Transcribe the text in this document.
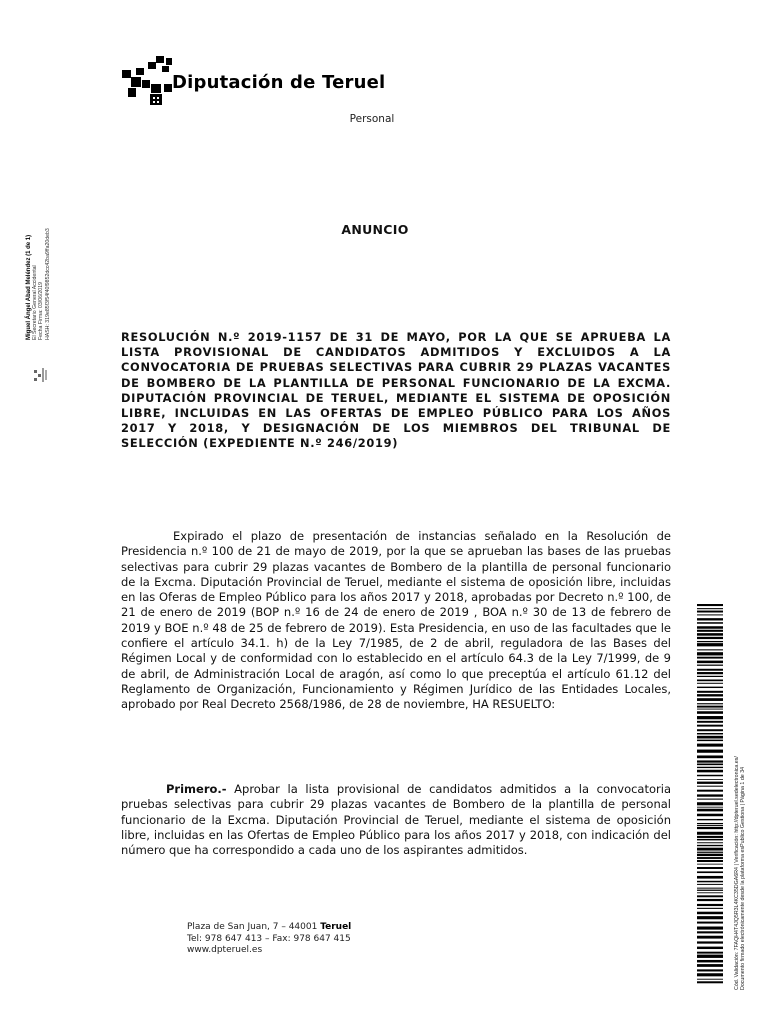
Diputación de Teruel
Personal
Miguel Ángel Abad Meléndez (1 de 1)
El Secretario General Accidental
Fecha Firma: 03/06/2019
HASH: 319e85f3f54f40f9852dcc42ba9ffa20deb3	ANUNCIO
RESOLUCIÓN N.º 2019-1157 DE 31 DE MAYO, POR LA QUE SE APRUEBA LA LISTA PROVISIONAL DE CANDIDATOS ADMITIDOS Y EXCLUIDOS A LA CONVOCATORIA DE PRUEBAS SELECTIVAS PARA CUBRIR 29 PLAZAS VACANTES DE BOMBERO DE LA PLANTILLA DE PERSONAL FUNCIONARIO DE LA EXCMA. DIPUTACIÓN PROVINCIAL DE TERUEL, MEDIANTE EL SISTEMA DE OPOSICIÓN LIBRE, INCLUIDAS EN LAS OFERTAS DE EMPLEO PÚBLICO PARA LOS AÑOS 2017 Y 2018, Y DESIGNACIÓN DE LOS MIEMBROS DEL TRIBUNAL DE SELECCIÓN (EXPEDIENTE N.º 246/2019)
Expirado el plazo de presentación de instancias señalado en la Resolución de Presidencia n.º 100 de 21 de mayo de 2019, por la que se aprueban las bases de las pruebas selectivas para cubrir 29 plazas vacantes de Bombero de la plantilla de personal funcionario de la Excma. Diputación Provincial de Teruel, mediante el sistema de oposición libre, incluidas en las Oferas de Empleo Público para los años 2017 y 2018, aprobadas por Decreto n.º 100, de 21 de enero de 2019 (BOP n.º 16 de 24 de enero de 2019 , BOA n.º 30 de 13 de febrero de 2019 y BOE n.º 48 de 25 de febrero de 2019). Esta Presidencia, en uso de las facultades que le confiere el artículo 34.1. h) de la Ley 7/1985, de 2 de abril, reguladora de las Bases del Régimen Local y de conformidad con lo establecido en el artículo 64.3 de la Ley 7/1999, de 9 de abril, de Administración Local de aragón, así como lo que preceptúa el artículo 61.12 del Reglamento de Organización, Funcionamiento y Régimen Jurídico de las Entidades Locales, aprobado por Real Decreto 2568/1986, de 28 de noviembre, HA RESUELTO:
Primero.- Aprobar la lista provisional de candidatos admitidos a la convocatoria pruebas selectivas para cubrir 29 plazas vacantes de Bombero de la plantilla de personal funcionario de la Excma. Diputación Provincial de Teruel, mediante el sistema de oposición libre, incluidas en las Ofertas de Empleo Público para los años 2017 y 2018, con indicación del número que ha correspondido a cada uno de los aspirantes admitidos.
Plaza de San Juan, 7 – 44001 Teruel
Tel: 978 647 413 – Fax: 978 647 415
www.dpteruel.es	Cód. Validación: 7FAQH4T4JQ5R3L4KC35DGA6R4 | Verificación: http://dpteruel.sedelectronica.es/
Documento firmado electrónicamente desde la plataforma esPublico Gestiona | Página 1 de 34
